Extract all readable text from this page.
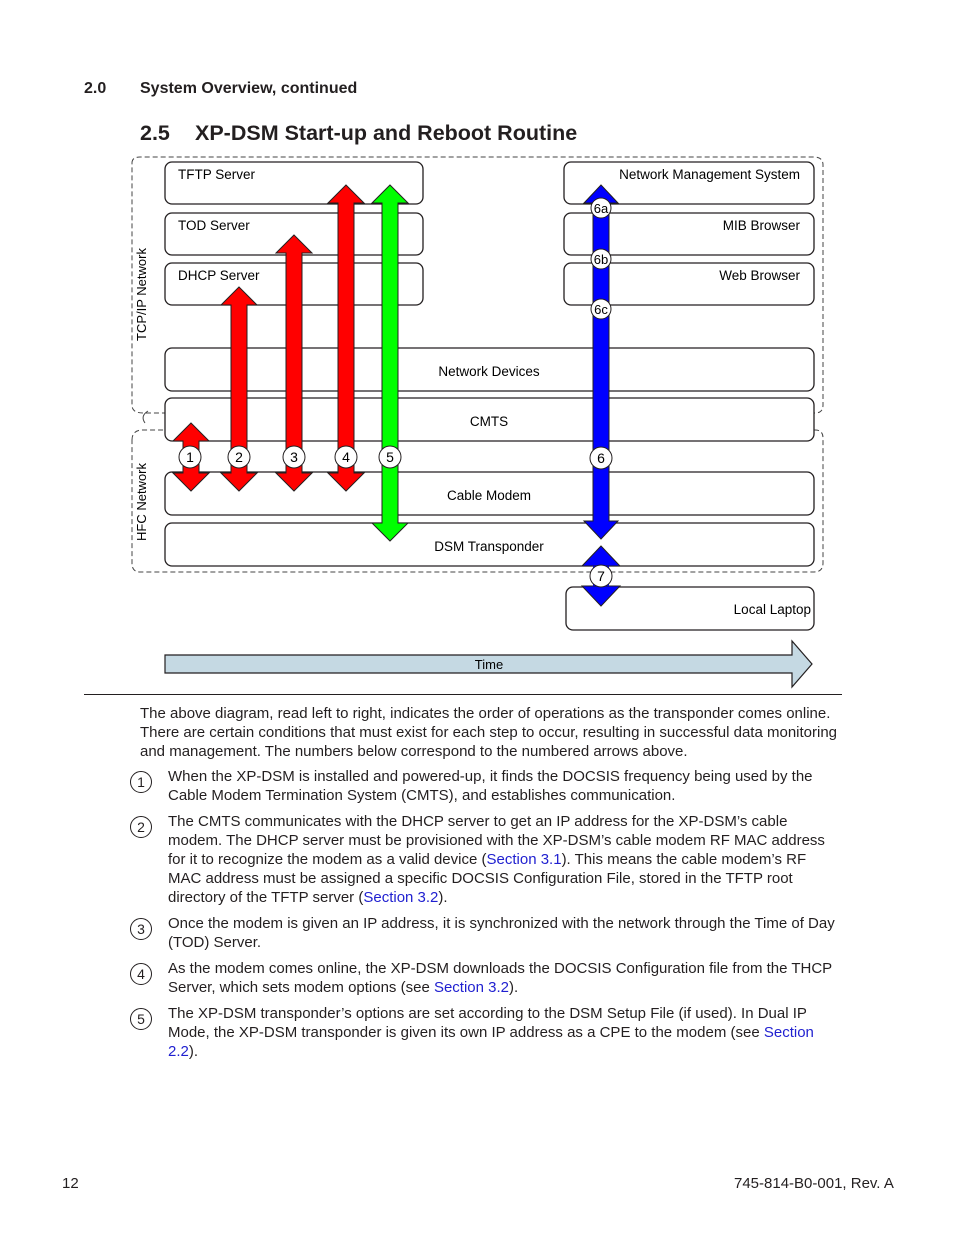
2.0 System Overview, continued
2.5 XP-DSM Start-up and Reboot Routine
TCP/IP Network
HFC Network
TFTP Server
TOD Server
DHCP Server
Network Management System
MIB Browser
Web Browser
Network Devices
CMTS
Cable Modem
DSM Transponder
Local Laptop
1	2	3	4	5	6
7
6a
6b
6c
Time

The above diagram, read left to right, indicates the order of operations as the transponder comes online. There are certain conditions that must exist for each step to occur, resulting in successful data monitoring and management. The numbers below correspond to the numbered arrows above.

1	When the XP-DSM is installed and powered-up, it finds the DOCSIS frequency being used by the Cable Modem Termination System (CMTS), and establishes communication.
2	The CMTS communicates with the DHCP server to get an IP address for the XP-DSM’s cable modem. The DHCP server must be provisioned with the XP-DSM’s cable modem RF MAC address for it to recognize the modem as a valid device (Section 3.1). This means the cable modem’s RF MAC address must be assigned a specific DOCSIS Configuration File, stored in the TFTP root directory of the TFTP server (Section 3.2).
3	Once the modem is given an IP address, it is synchronized with the network through the Time of Day (TOD) Server.
4	As the modem comes online, the XP-DSM downloads the DOCSIS Configuration file from the THCP Server, which sets modem options (see Section 3.2).
5	The XP-DSM transponder’s options are set according to the DSM Setup File (if used). In Dual IP Mode, the XP-DSM transponder is given its own IP address as a CPE to the modem (see Section 2.2).
12	745-814-B0-001, Rev. A
